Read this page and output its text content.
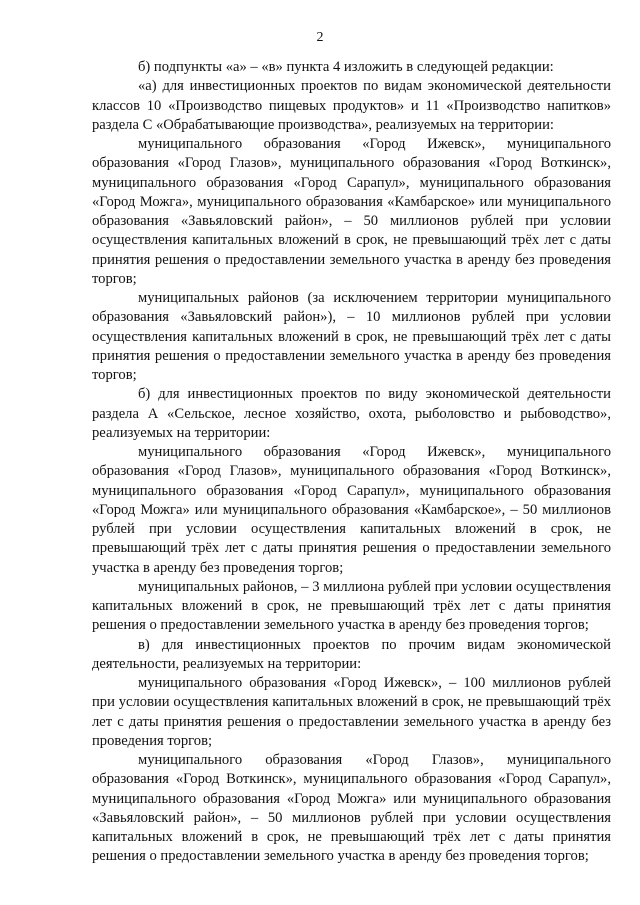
2

б) подпункты «а» – «в» пункта 4 изложить в следующей редакции:

«а) для инвестиционных проектов по видам экономической деятельности классов 10 «Производство пищевых продуктов» и 11 «Производство напитков» раздела С «Обрабатывающие производства», реализуемых на территории:

муниципального образования «Город Ижевск», муниципального образования «Город Глазов», муниципального образования «Город Воткинск», муниципального образования «Город Сарапул», муниципального образования «Город Можга», муниципального образования «Камбарское» или муниципального образования «Завьяловский район», – 50 миллионов рублей при условии осуществления капитальных вложений в срок, не превышающий трёх лет с даты принятия решения о предоставлении земельного участка в аренду без проведения торгов;

муниципальных районов (за исключением территории муниципального образования «Завьяловский район»), – 10 миллионов рублей при условии осуществления капитальных вложений в срок, не превышающий трёх лет с даты принятия решения о предоставлении земельного участка в аренду без проведения торгов;

б) для инвестиционных проектов по виду экономической деятельности раздела А «Сельское, лесное хозяйство, охота, рыболовство и рыбоводство», реализуемых на территории:

муниципального образования «Город Ижевск», муниципального образования «Город Глазов», муниципального образования «Город Воткинск», муниципального образования «Город Сарапул», муниципального образования «Город Можга» или муниципального образования «Камбарское», – 50 миллионов рублей при условии осуществления капитальных вложений в срок, не превышающий трёх лет с даты принятия решения о предоставлении земельного участка в аренду без проведения торгов;

муниципальных районов, – 3 миллиона рублей при условии осуществления капитальных вложений в срок, не превышающий трёх лет с даты принятия решения о предоставлении земельного участка в аренду без проведения торгов;

в) для инвестиционных проектов по прочим видам экономической деятельности, реализуемых на территории:

муниципального образования «Город Ижевск», – 100 миллионов рублей при условии осуществления капитальных вложений в срок, не превышающий трёх лет с даты принятия решения о предоставлении земельного участка в аренду без проведения торгов;

муниципального образования «Город Глазов», муниципального образования «Город Воткинск», муниципального образования «Город Сарапул», муниципального образования «Город Можга» или муниципального образования «Завьяловский район», – 50 миллионов рублей при условии осуществления капитальных вложений в срок, не превышающий трёх лет с даты принятия решения о предоставлении земельного участка в аренду без проведения торгов;
